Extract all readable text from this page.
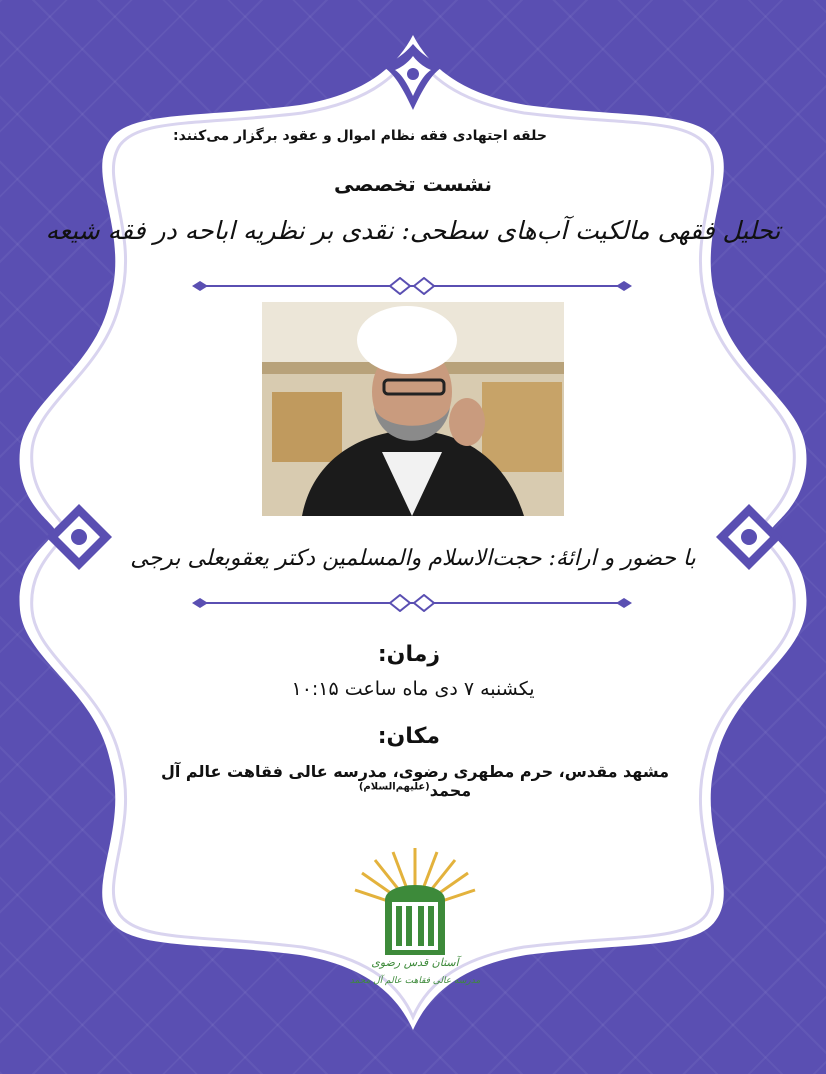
حلقه اجتهادی فقه نظام اموال و عقود برگزار می‌کنند:
نشست تخصصی
تحلیل فقهی مالکیت آب‌های سطحی: نقدی بر نظریه اباحه در فقه شیعه
با حضور و ارائهٔ: حجت‌الاسلام والمسلمین دکتر یعقوبعلی برجی
زمان:
یکشنبه ۷ دی ماه ساعت ۱۰:۱۵
مکان:
مشهد مقدس، حرم مطهری رضوی، مدرسه عالی فقاهت عالم آل محمد$^{(علیهم‌السلام)}$
آستان قدس رضوی
مدرسه عالی فقاهت عالم آل محمد
